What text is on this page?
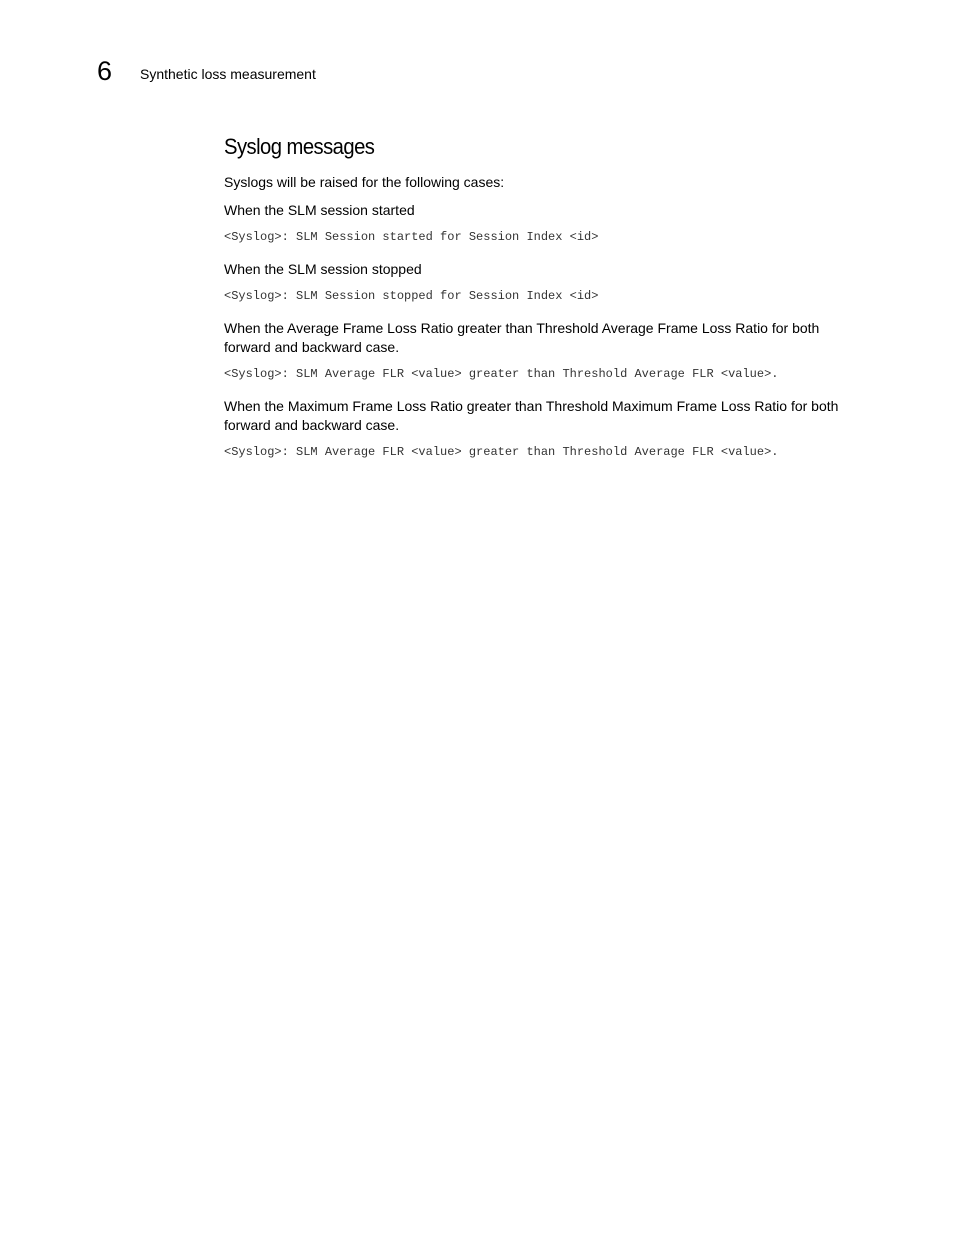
6 Synthetic loss measurement
Syslog messages

Syslogs will be raised for the following cases:

When the SLM session started

<Syslog>: SLM Session started for Session Index <id>

When the SLM session stopped

<Syslog>: SLM Session stopped for Session Index <id>

When the Average Frame Loss Ratio greater than Threshold Average Frame Loss Ratio for both

forward and backward case.

<Syslog>: SLM Average FLR <value> greater than Threshold Average FLR <value>.

When the Maximum Frame Loss Ratio greater than Threshold Maximum Frame Loss Ratio for both

forward and backward case.

<Syslog>: SLM Average FLR <value> greater than Threshold Average FLR <value>.
